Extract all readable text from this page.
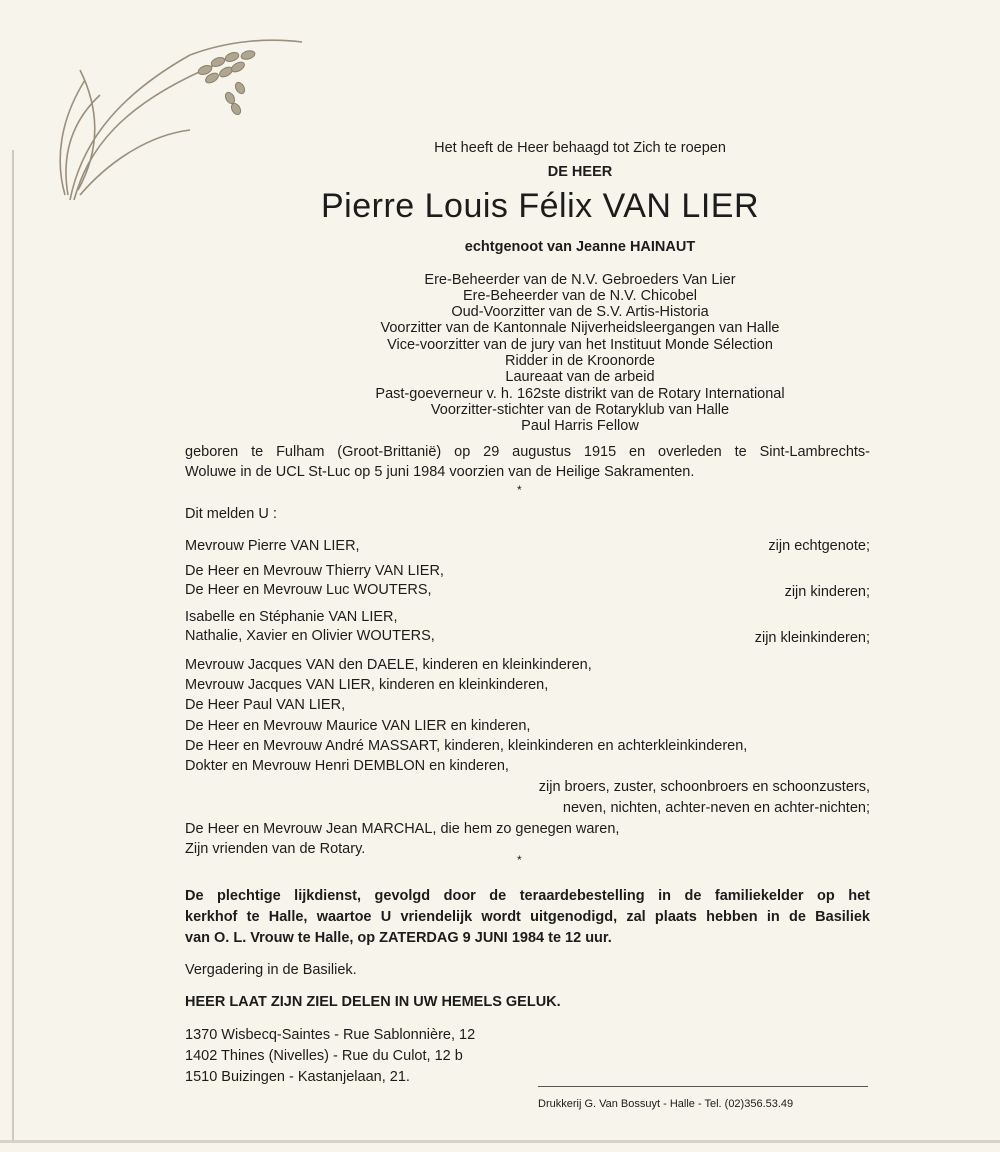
Het heeft de Heer behaagd tot Zich te roepen
DE HEER
Pierre Louis Félix VAN LIER
echtgenoot van Jeanne HAINAUT
Ere-Beheerder van de N.V. Gebroeders Van Lier
Ere-Beheerder van de N.V. Chicobel
Oud-Voorzitter van de S.V. Artis-Historia
Voorzitter van de Kantonnale Nijverheidsleergangen van Halle
Vice-voorzitter van de jury van het Instituut Monde Sélection
Ridder in de Kroonorde
Laureaat van de arbeid
Past-goeverneur v. h. 162ste distrikt van de Rotary International
Voorzitter-stichter van de Rotaryklub van Halle
Paul Harris Fellow
geboren te Fulham (Groot-Brittanië) op 29 augustus 1915 en overleden te Sint-Lambrechts-
Woluwe in de UCL St-Luc op 5 juni 1984 voorzien van de Heilige Sakramenten.
*
Dit melden U :
Mevrouw Pierre VAN LIER,	zijn echtgenote;
De Heer en Mevrouw Thierry VAN LIER,
De Heer en Mevrouw Luc WOUTERS,	zijn kinderen;
Isabelle en Stéphanie VAN LIER,
Nathalie, Xavier en Olivier WOUTERS,	zijn kleinkinderen;
Mevrouw Jacques VAN den DAELE, kinderen en kleinkinderen,
Mevrouw Jacques VAN LIER, kinderen en kleinkinderen,
De Heer Paul VAN LIER,
De Heer en Mevrouw Maurice VAN LIER en kinderen,
De Heer en Mevrouw André MASSART, kinderen, kleinkinderen en achterkleinkinderen,
Dokter en Mevrouw Henri DEMBLON en kinderen,
zijn broers, zuster, schoonbroers en schoonzusters,
neven, nichten, achter-neven en achter-nichten;
De Heer en Mevrouw Jean MARCHAL, die hem zo genegen waren,
Zijn vrienden van de Rotary.
*
De plechtige lijkdienst, gevolgd door de teraardebestelling in de familiekelder op het
kerkhof te Halle, waartoe U vriendelijk wordt uitgenodigd, zal plaats hebben in de Basiliek
van O. L. Vrouw te Halle, op ZATERDAG 9 JUNI 1984 te 12 uur.
Vergadering in de Basiliek.
HEER LAAT ZIJN ZIEL DELEN IN UW HEMELS GELUK.
1370 Wisbecq-Saintes - Rue Sablonnière, 12
1402 Thines (Nivelles) - Rue du Culot, 12 b
1510 Buizingen - Kastanjelaan, 21.
Drukkerij G. Van Bossuyt - Halle - Tel. (02)356.53.49
